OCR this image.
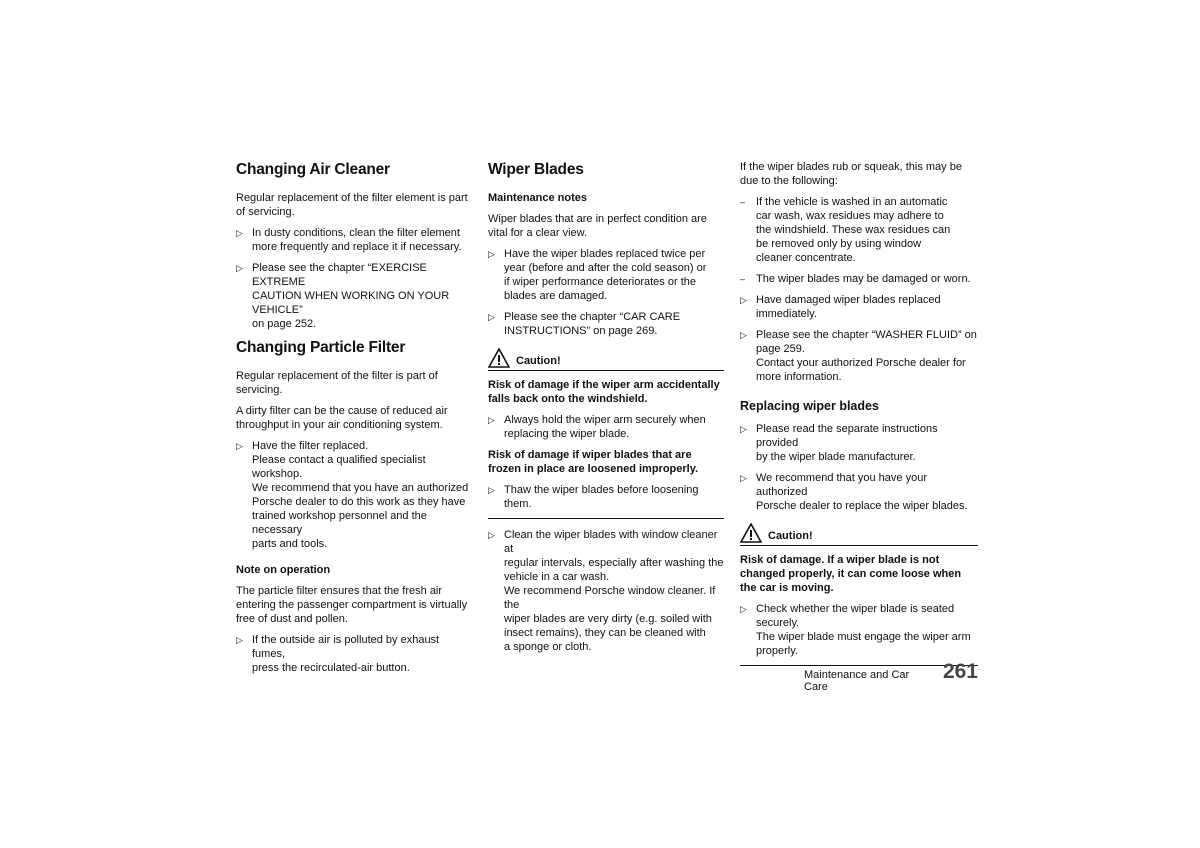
Changing Air Cleaner

Regular replacement of the filter element is part of servicing.

▷ In dusty conditions, clean the filter element
more frequently and replace it if necessary.
▷ Please see the chapter “EXERCISE EXTREME
CAUTION WHEN WORKING ON YOUR VEHICLE”
on page 252.
Changing Particle Filter

Regular replacement of the filter is part of servicing.

A dirty filter can be the cause of reduced air throughput in your air conditioning system.

▷ Have the filter replaced.
Please contact a qualified specialist workshop.
We recommend that you have an authorized
Porsche dealer to do this work as they have
trained workshop personnel and the necessary
parts and tools.
Note on operation

The particle filter ensures that the fresh air entering the passenger compartment is virtually free of dust and pollen.

▷ If the outside air is polluted by exhaust fumes,
press the recirculated-air button.
Wiper Blades
Maintenance notes

Wiper blades that are in perfect condition are vital for a clear view.

▷ Have the wiper blades replaced twice per
year (before and after the cold season) or
if wiper performance deteriorates or the
blades are damaged.
▷ Please see the chapter “CAR CARE
INSTRUCTIONS” on page 269.
Caution!

Risk of damage if the wiper arm accidentally falls back onto the windshield.

▷ Always hold the wiper arm securely when
replacing the wiper blade.

Risk of damage if wiper blades that are frozen in place are loosened improperly.

▷ Thaw the wiper blades before loosening them.
▷ Clean the wiper blades with window cleaner at
regular intervals, especially after washing the
vehicle in a car wash.
We recommend Porsche window cleaner. If the
wiper blades are very dirty (e.g. soiled with
insect remains), they can be cleaned with
a sponge or cloth.

If the wiper blades rub or squeak, this may be due to the following:

– If the vehicle is washed in an automatic
car wash, wax residues may adhere to
the windshield. These wax residues can
be removed only by using window
cleaner concentrate.
– The wiper blades may be damaged or worn.
▷ Have damaged wiper blades replaced
immediately.
▷ Please see the chapter “WASHER FLUID” on
page 259.
Contact your authorized Porsche dealer for
more information.
Replacing wiper blades
▷ Please read the separate instructions provided
by the wiper blade manufacturer.
▷ We recommend that you have your authorized
Porsche dealer to replace the wiper blades.
Caution!

Risk of damage. If a wiper blade is not changed properly, it can come loose when the car is moving.

▷ Check whether the wiper blade is seated
securely.
The wiper blade must engage the wiper arm
properly.
Maintenance and Car Care
261
